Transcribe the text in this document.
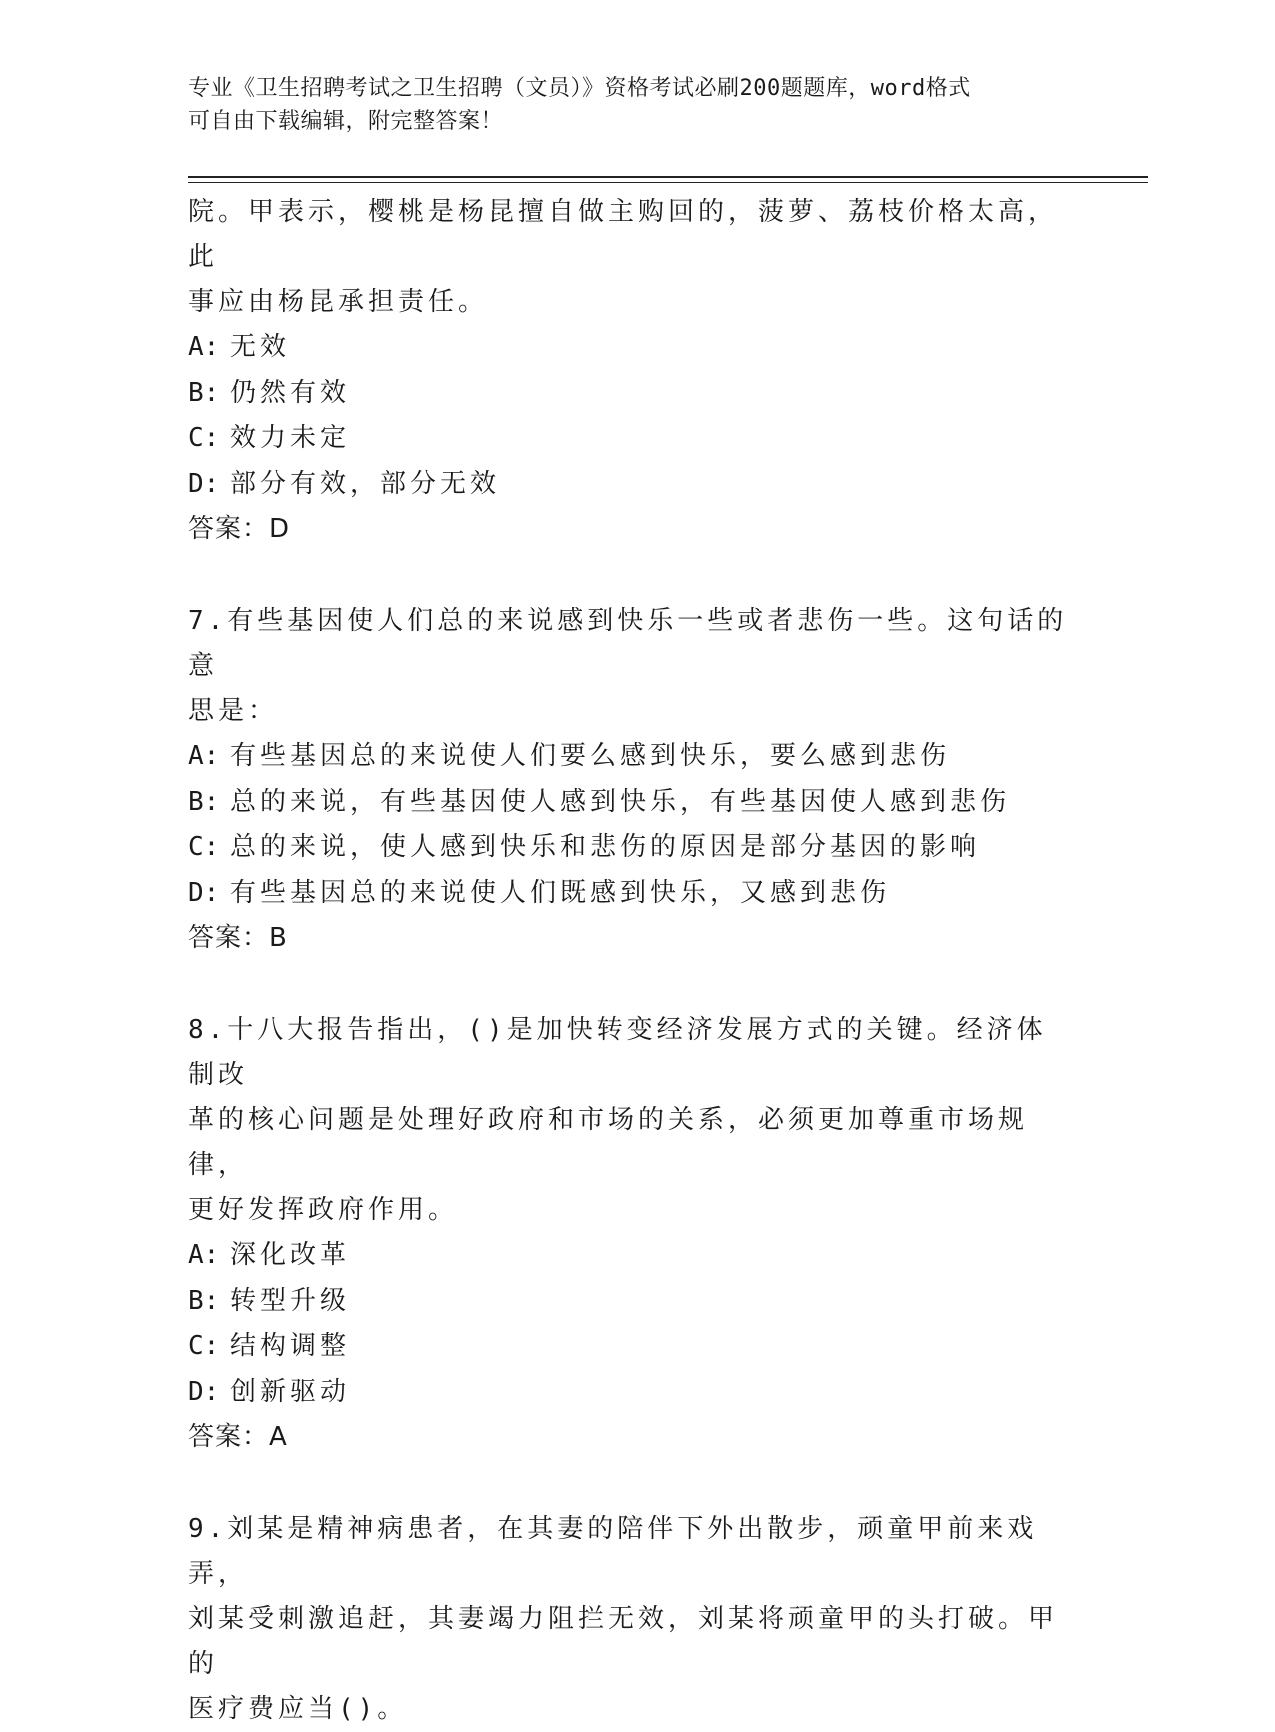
专业《卫生招聘考试之卫生招聘（文员）》资格考试必刷200题题库，word格式
可自由下载编辑，附完整答案！

院。甲表示，樱桃是杨昆擅自做主购回的，菠萝、荔枝价格太高，此

事应由杨昆承担责任。

A: 无效

B: 仍然有效

C: 效力未定

D: 部分有效，部分无效

答案：D

7.有些基因使人们总的来说感到快乐一些或者悲伤一些。这句话的意

思是：

A: 有些基因总的来说使人们要么感到快乐，要么感到悲伤

B: 总的来说，有些基因使人感到快乐，有些基因使人感到悲伤

C: 总的来说，使人感到快乐和悲伤的原因是部分基因的影响

D: 有些基因总的来说使人们既感到快乐，又感到悲伤

答案：B

8.十八大报告指出，()是加快转变经济发展方式的关键。经济体制改

革的核心问题是处理好政府和市场的关系，必须更加尊重市场规律，

更好发挥政府作用。

A: 深化改革

B: 转型升级

C: 结构调整

D: 创新驱动

答案：A

9.刘某是精神病患者，在其妻的陪伴下外出散步，顽童甲前来戏弄，

刘某受刺激追赶，其妻竭力阻拦无效，刘某将顽童甲的头打破。甲的

医疗费应当()。
